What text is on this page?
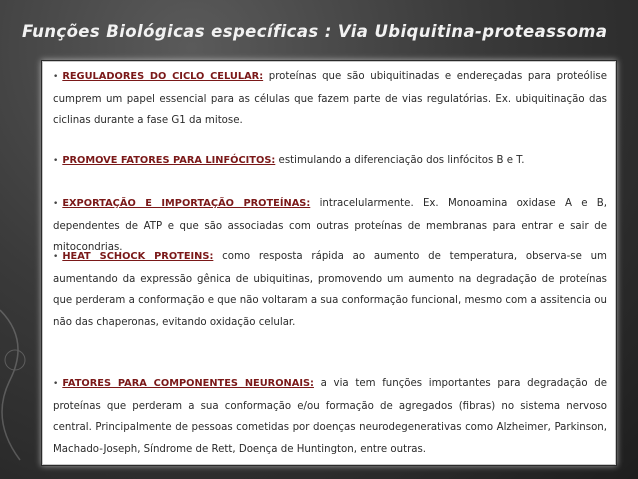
Funções Biológicas específicas : Via Ubiquitina-proteassoma
• REGULADORES DO CICLO CELULAR: proteínas que são ubiquitinadas e endereçadas para proteólise cumprem um papel essencial para as células que fazem parte de vias regulatórias. Ex. ubiquitinação das ciclinas durante a fase G1 da mitose.
• PROMOVE FATORES PARA LINFÓCITOS: estimulando a diferenciação dos linfócitos B e T.
• EXPORTAÇÃO E IMPORTAÇÃO PROTEÍNAS: intracelularmente. Ex. Monoamina oxidase A e B, dependentes de ATP e que são associadas com outras proteínas de membranas para entrar e sair de mitocondrias.
• HEAT SCHOCK PROTEINS: como resposta rápida ao aumento de temperatura, observa-se um aumentando da expressão gênica de ubiquitinas, promovendo um aumento na degradação de proteínas que perderam a conformação e que não voltaram a sua conformação funcional, mesmo com a assitencia ou não das chaperonas, evitando oxidação celular.
• FATORES PARA COMPONENTES NEURONAIS: a via tem funções importantes para degradação de proteínas que perderam a sua conformação e/ou formação de agregados (fibras) no sistema nervoso central. Principalmente de pessoas cometidas por doenças neurodegenerativas como Alzheimer, Parkinson, Machado-Joseph, Síndrome de Rett, Doença de Huntington, entre outras.
